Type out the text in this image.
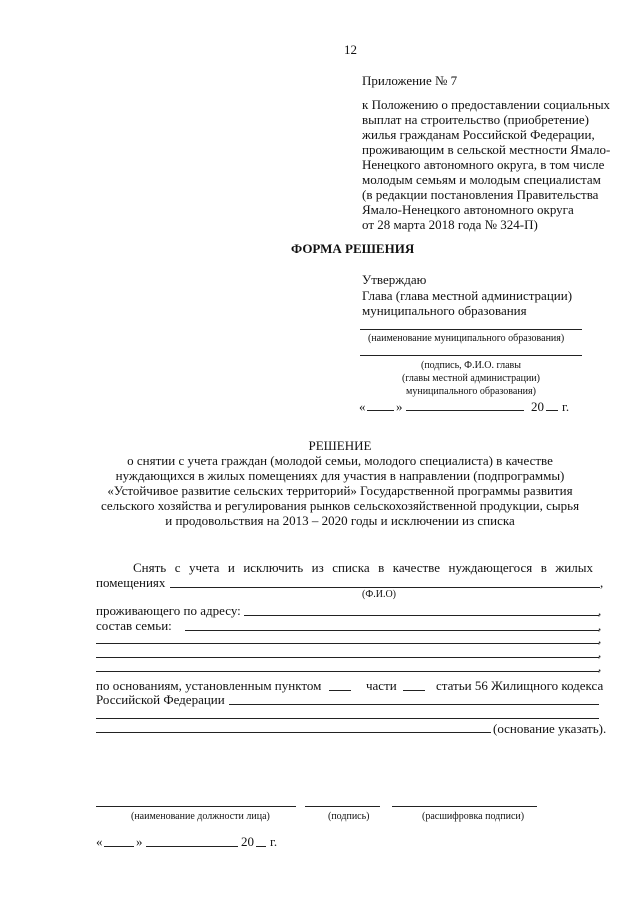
12
Приложение № 7
к Положению о предоставлении социальных
выплат на строительство (приобретение)
жилья гражданам Российской Федерации,
проживающим в сельской местности Ямало-
Ненецкого автономного округа, в том числе
молодым семьям и молодым специалистам
(в редакции постановления Правительства
Ямало-Ненецкого автономного округа
от 28 марта 2018 года № 324-П)
ФОРМА РЕШЕНИЯ
Утверждаю
Глава (глава местной администрации)
муниципального образования
(наименование муниципального образования)
(подпись, Ф.И.О. главы
(главы местной администрации)
муниципального образования)
« »	20 г.
РЕШЕНИЕ
о снятии с учета граждан (молодой семьи, молодого специалиста) в качестве
нуждающихся в жилых помещениях для участия в направлении (подпрограммы)
«Устойчивое развитие сельских территорий» Государственной программы развития
сельского хозяйства и регулирования рынков сельскохозяйственной продукции, сырья
и продовольствия на 2013 – 2020 годы и исключении из списка
Снять с учета и исключить из списка в качестве нуждающегося в жилых
помещениях	,
(Ф.И.О)
проживающего по адресу:	,
состав семьи:	,
,
,
,
по основаниям, установленным пунктом	части	статьи 56 Жилищного кодекса
Российской Федерации
(основание указать).
(наименование должности лица)	(подпись)	(расшифровка подписи)
«	»	20 г.
